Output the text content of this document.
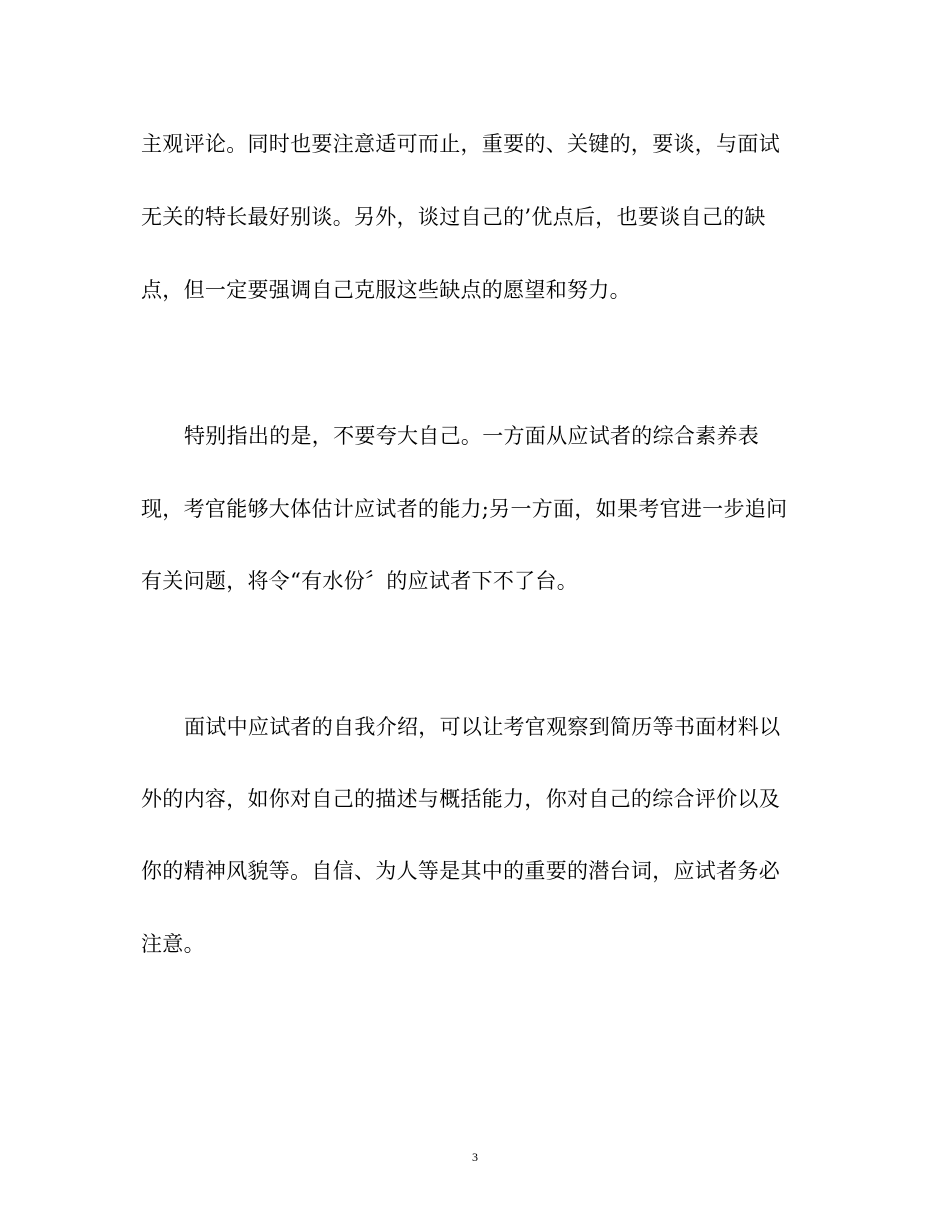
主观评论。同时也要注意适可而止，重要的、关键的，要谈，与面试
无关的特长最好别谈。另外，谈过自己的’优点后，也要谈自己的缺
点，但一定要强调自己克服这些缺点的愿望和努力。
特别指出的是，不要夸大自己。一方面从应试者的综合素养表
现，考官能够大体估计应试者的能力;另一方面，如果考官进一步追问
有关问题，将令“有水份〞的应试者下不了台。
面试中应试者的自我介绍，可以让考官观察到简历等书面材料以
外的内容，如你对自己的描述与概括能力，你对自己的综合评价以及
你的精神风貌等。自信、为人等是其中的重要的潜台词，应试者务必
注意。
3
